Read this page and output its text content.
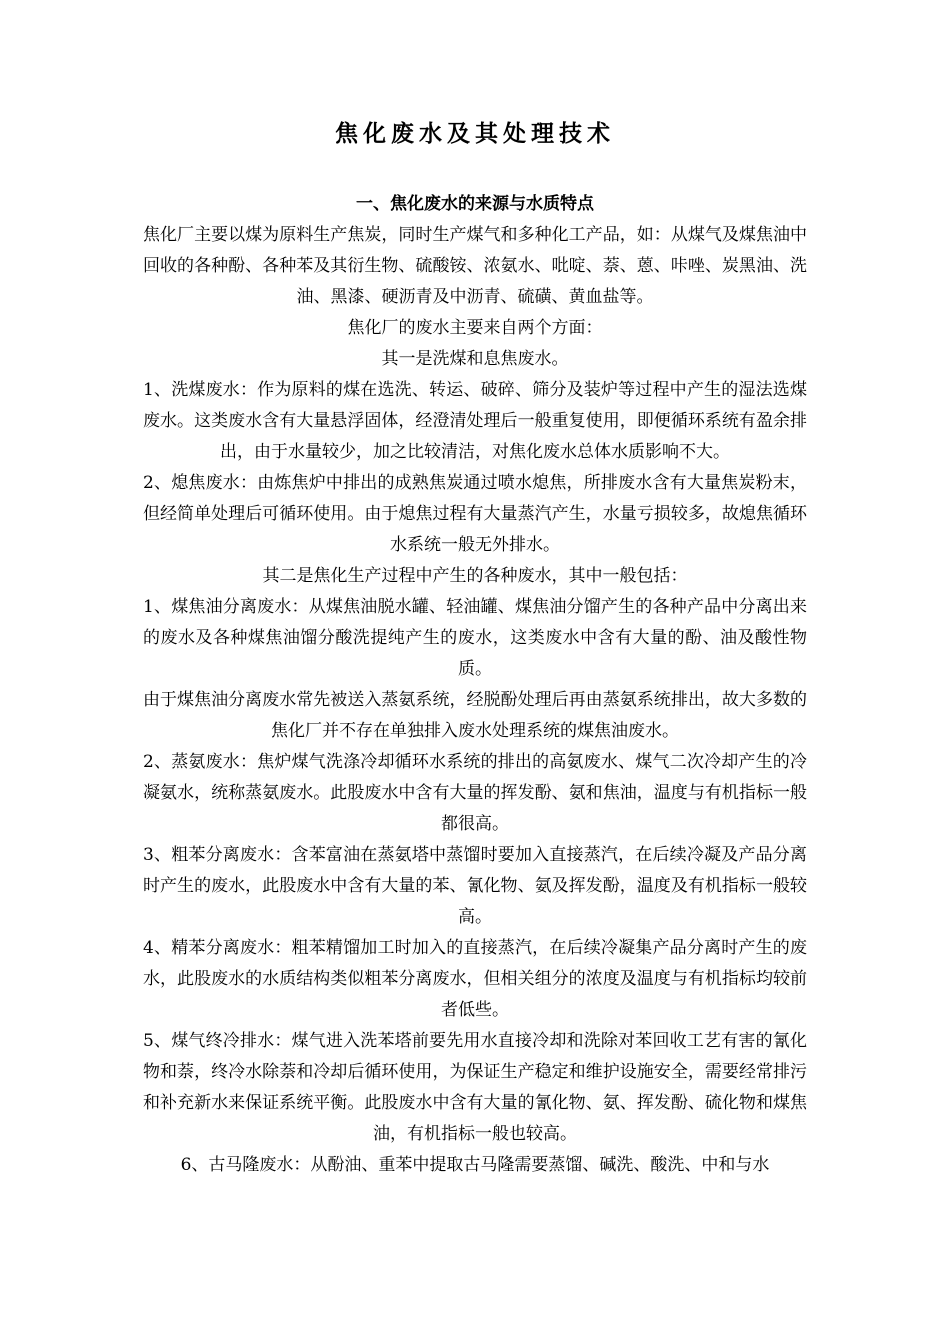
焦化废水及其处理技术
一、焦化废水的来源与水质特点

焦化厂主要以煤为原料生产焦炭，同时生产煤气和多种化工产品，如：从煤气及煤焦油中回收的各种酚、各种苯及其衍生物、硫酸铵、浓氨水、吡啶、萘、蒽、咔唑、炭黑油、洗油、黑漆、硬沥青及中沥青、硫磺、黄血盐等。

焦化厂的废水主要来自两个方面：

其一是洗煤和息焦废水。

1、洗煤废水：作为原料的煤在选洗、转运、破碎、筛分及装炉等过程中产生的湿法选煤废水。这类废水含有大量悬浮固体，经澄清处理后一般重复使用，即便循环系统有盈余排出，由于水量较少，加之比较清洁，对焦化废水总体水质影响不大。

2、熄焦废水：由炼焦炉中排出的成熟焦炭通过喷水熄焦，所排废水含有大量焦炭粉末，但经简单处理后可循环使用。由于熄焦过程有大量蒸汽产生，水量亏损较多，故熄焦循环水系统一般无外排水。

其二是焦化生产过程中产生的各种废水，其中一般包括：

1、煤焦油分离废水：从煤焦油脱水罐、轻油罐、煤焦油分馏产生的各种产品中分离出来的废水及各种煤焦油馏分酸洗提纯产生的废水，这类废水中含有大量的酚、油及酸性物质。

由于煤焦油分离废水常先被送入蒸氨系统，经脱酚处理后再由蒸氨系统排出，故大多数的焦化厂并不存在单独排入废水处理系统的煤焦油废水。

2、蒸氨废水：焦炉煤气洗涤冷却循环水系统的排出的高氨废水、煤气二次冷却产生的冷凝氨水，统称蒸氨废水。此股废水中含有大量的挥发酚、氨和焦油，温度与有机指标一般都很高。

3、粗苯分离废水：含苯富油在蒸氨塔中蒸馏时要加入直接蒸汽，在后续冷凝及产品分离时产生的废水，此股废水中含有大量的苯、氰化物、氨及挥发酚，温度及有机指标一般较高。

4、精苯分离废水：粗苯精馏加工时加入的直接蒸汽，在后续冷凝集产品分离时产生的废水，此股废水的水质结构类似粗苯分离废水，但相关组分的浓度及温度与有机指标均较前者低些。

5、煤气终冷排水：煤气进入洗苯塔前要先用水直接冷却和洗除对苯回收工艺有害的氰化物和萘，终冷水除萘和冷却后循环使用，为保证生产稳定和维护设施安全，需要经常排污和补充新水来保证系统平衡。此股废水中含有大量的氰化物、氨、挥发酚、硫化物和煤焦油，有机指标一般也较高。

6、古马隆废水：从酚油、重苯中提取古马隆需要蒸馏、碱洗、酸洗、中和与水
